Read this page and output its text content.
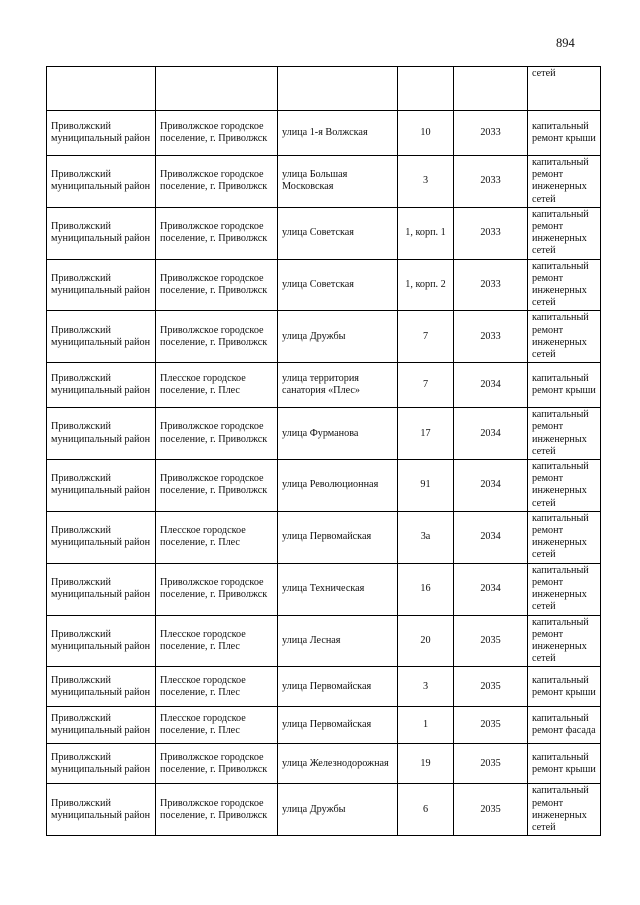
894
					сетей
Приволжский муниципальный район	Приволжское городское поселение, г. Приволжск	улица 1-я Волжская	10	2033	капитальный ремонт крыши
Приволжский муниципальный район	Приволжское городское поселение, г. Приволжск	улица Большая Московская	3	2033	капитальный ремонт инженерных сетей
Приволжский муниципальный район	Приволжское городское поселение, г. Приволжск	улица Советская	1, корп. 1	2033	капитальный ремонт инженерных сетей
Приволжский муниципальный район	Приволжское городское поселение, г. Приволжск	улица Советская	1, корп. 2	2033	капитальный ремонт инженерных сетей
Приволжский муниципальный район	Приволжское городское поселение, г. Приволжск	улица Дружбы	7	2033	капитальный ремонт инженерных сетей
Приволжский муниципальный район	Плесское городское поселение, г. Плес	улица территория санатория «Плес»	7	2034	капитальный ремонт крыши
Приволжский муниципальный район	Приволжское городское поселение, г. Приволжск	улица Фурманова	17	2034	капитальный ремонт инженерных сетей
Приволжский муниципальный район	Приволжское городское поселение, г. Приволжск	улица Революционная	91	2034	капитальный ремонт инженерных сетей
Приволжский муниципальный район	Плесское городское поселение, г. Плес	улица Первомайская	3а	2034	капитальный ремонт инженерных сетей
Приволжский муниципальный район	Приволжское городское поселение, г. Приволжск	улица Техническая	16	2034	капитальный ремонт инженерных сетей
Приволжский муниципальный район	Плесское городское поселение, г. Плес	улица Лесная	20	2035	капитальный ремонт инженерных сетей
Приволжский муниципальный район	Плесское городское поселение, г. Плес	улица Первомайская	3	2035	капитальный ремонт крыши
Приволжский муниципальный район	Плесское городское поселение, г. Плес	улица Первомайская	1	2035	капитальный ремонт фасада
Приволжский муниципальный район	Приволжское городское поселение, г. Приволжск	улица Железнодорожная	19	2035	капитальный ремонт крыши
Приволжский муниципальный район	Приволжское городское поселение, г. Приволжск	улица Дружбы	6	2035	капитальный ремонт инженерных сетей
